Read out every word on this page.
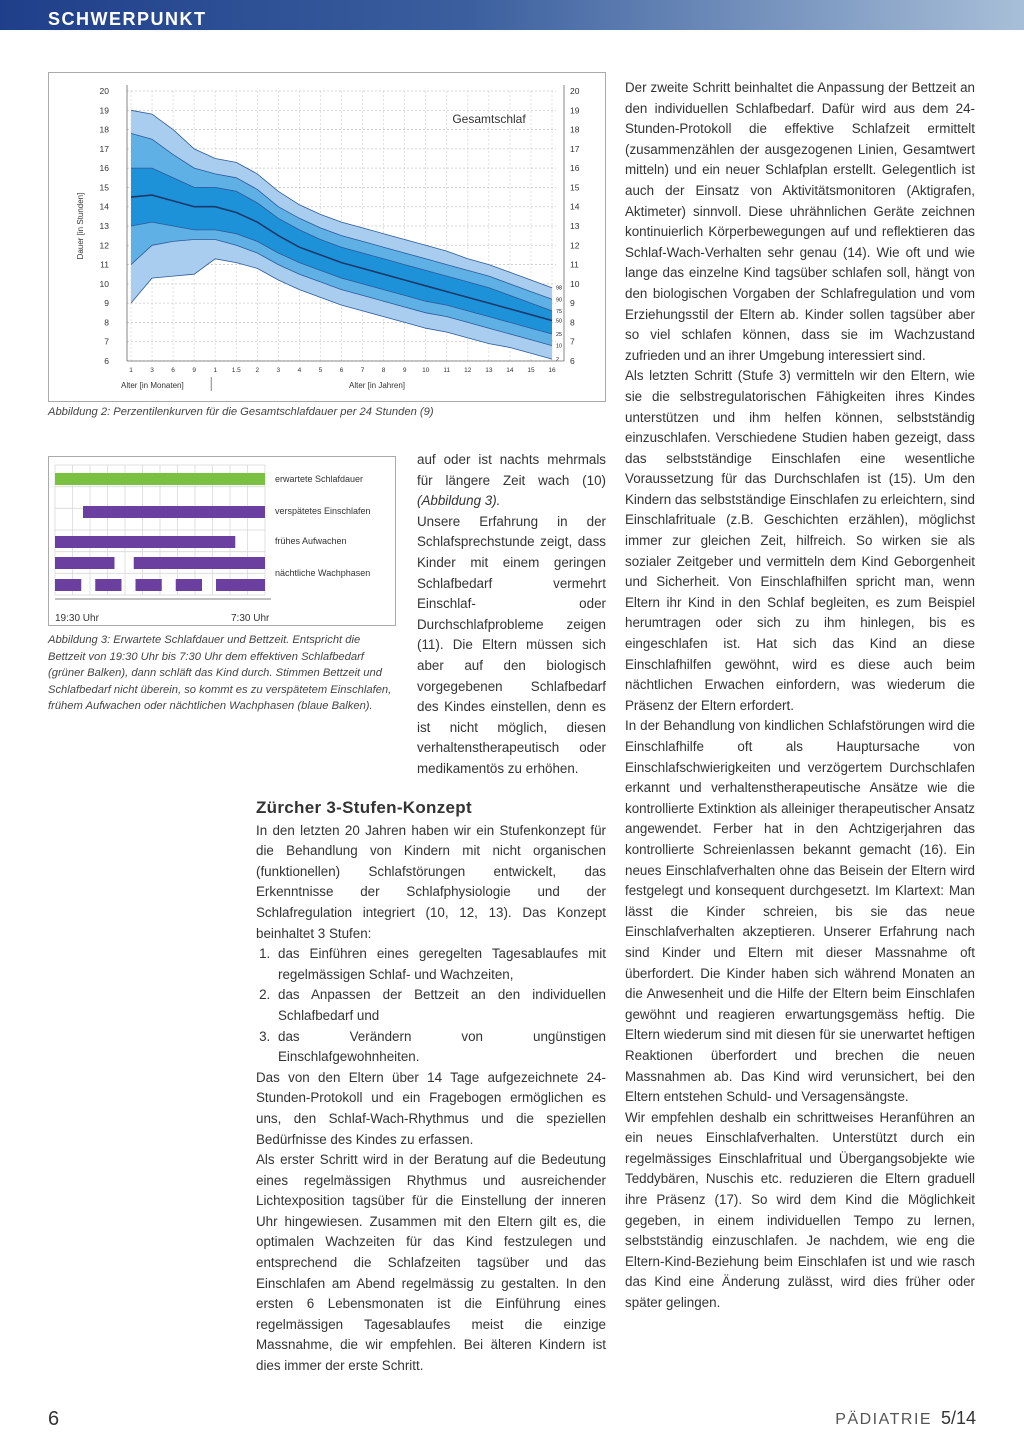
SCHWERPUNKT
6	6
7	7
8	8
9	9
10	10
11	11
12	12
13	13
14	14
15	15
16	16
17	17
18	18
19	19
20	20
1	3	6	9	1 1.5 2	3	4	5	6	7	8	9 10 11 12 13 14 15 16
98
90
75
50
25
10
2
Gesamtschlaf
Dauer [in Stunden]
Alter [in Monaten]	Alter [in Jahren]
Abbildung 2: Perzentilenkurven für die Gesamtschlafdauer per 24 Stunden (9)
erwartete Schlafdauer
verspätetes Einschlafen
frühes Aufwachen
nächtliche Wachphasen
19:30 Uhr	7:30 Uhr
Abbildung 3: Erwartete Schlafdauer und Bettzeit. Entspricht die Bettzeit von 19:30 Uhr bis 7:30 Uhr dem effektiven Schlafbedarf (grüner Balken), dann schläft das Kind durch. Stimmen Bettzeit und Schlafbedarf nicht überein, so kommt es zu verspätetem Einschlafen, frühem Aufwachen oder nächtlichen Wachphasen (blaue Balken).

auf oder ist nachts mehrmals für längere Zeit wach (10) (Abbildung 3).

Unsere Erfahrung in der Schlafsprechstunde zeigt, dass Kinder mit einem geringen Schlafbedarf vermehrt Einschlaf- oder Durchschlafprobleme zeigen (11). Die Eltern müssen sich aber auf den biologisch vorgegebenen Schlafbedarf des Kindes einstellen, denn es ist nicht möglich, diesen verhaltenstherapeutisch oder medikamentös zu erhöhen.

Zürcher 3-Stufen-Konzept

In den letzten 20 Jahren haben wir ein Stufenkonzept für die Behandlung von Kindern mit nicht organischen (funktionellen) Schlafstörungen entwickelt, das Erkenntnisse der Schlafphysiologie und der Schlafregulation integriert (10, 12, 13). Das Konzept beinhaltet 3 Stufen:

1. das Einführen eines geregelten Tagesablaufes mit regelmässigen Schlaf- und Wachzeiten,
2. das Anpassen der Bettzeit an den individuellen Schlafbedarf und
3. das Verändern von ungünstigen Einschlafgewohnheiten.

Das von den Eltern über 14 Tage aufgezeichnete 24-Stunden-Protokoll und ein Fragebogen ermöglichen es uns, den Schlaf-Wach-Rhythmus und die speziellen Bedürfnisse des Kindes zu erfassen.

Als erster Schritt wird in der Beratung auf die Bedeutung eines regelmässigen Rhythmus und ausreichender Lichtexposition tagsüber für die Einstellung der inneren Uhr hingewiesen. Zusammen mit den Eltern gilt es, die optimalen Wachzeiten für das Kind festzulegen und entsprechend die Schlafzeiten tagsüber und das Einschlafen am Abend regelmässig zu gestalten. In den ersten 6 Lebensmonaten ist die Einführung eines regelmässigen Tagesablaufes meist die einzige Massnahme, die wir empfehlen. Bei älteren Kindern ist dies immer der erste Schritt.

Der zweite Schritt beinhaltet die Anpassung der Bettzeit an den individuellen Schlafbedarf. Dafür wird aus dem 24-Stunden-Protokoll die effektive Schlafzeit ermittelt (zusammenzählen der ausgezogenen Linien, Gesamtwert mitteln) und ein neuer Schlafplan erstellt. Gelegentlich ist auch der Einsatz von Aktivitätsmonitoren (Aktigrafen, Aktimeter) sinnvoll. Diese uhrähnlichen Geräte zeichnen kontinuierlich Körperbewegungen auf und reflektieren das Schlaf-Wach-Verhalten sehr genau (14). Wie oft und wie lange das einzelne Kind tagsüber schlafen soll, hängt von den biologischen Vorgaben der Schlafregulation und vom Erziehungsstil der Eltern ab. Kinder sollen tagsüber aber so viel schlafen können, dass sie im Wachzustand zufrieden und an ihrer Umgebung interessiert sind.

Als letzten Schritt (Stufe 3) vermitteln wir den Eltern, wie sie die selbstregulatorischen Fähigkeiten ihres Kindes unterstützen und ihm helfen können, selbstständig einzuschlafen. Verschiedene Studien haben gezeigt, dass das selbstständige Einschlafen eine wesentliche Voraussetzung für das Durchschlafen ist (15). Um den Kindern das selbstständige Einschlafen zu erleichtern, sind Einschlafrituale (z.B. Geschichten erzählen), möglichst immer zur gleichen Zeit, hilfreich. So wirken sie als sozialer Zeitgeber und vermitteln dem Kind Geborgenheit und Sicherheit. Von Einschlafhilfen spricht man, wenn Eltern ihr Kind in den Schlaf begleiten, es zum Beispiel herumtragen oder sich zu ihm hinlegen, bis es eingeschlafen ist. Hat sich das Kind an diese Einschlafhilfen gewöhnt, wird es diese auch beim nächtlichen Erwachen einfordern, was wiederum die Präsenz der Eltern erfordert.

In der Behandlung von kindlichen Schlafstörungen wird die Einschlafhilfe oft als Hauptursache von Einschlafschwierigkeiten und verzögertem Durchschlafen erkannt und verhaltenstherapeutische Ansätze wie die kontrollierte Extinktion als alleiniger therapeutischer Ansatz angewendet. Ferber hat in den Achtzigerjahren das kontrollierte Schreienlassen bekannt gemacht (16). Ein neues Einschlafverhalten ohne das Beisein der Eltern wird festgelegt und konsequent durchgesetzt. Im Klartext: Man lässt die Kinder schreien, bis sie das neue Einschlafverhalten akzeptieren. Unserer Erfahrung nach sind Kinder und Eltern mit dieser Massnahme oft überfordert. Die Kinder haben sich während Monaten an die Anwesenheit und die Hilfe der Eltern beim Einschlafen gewöhnt und reagieren erwartungsgemäss heftig. Die Eltern wiederum sind mit diesen für sie unerwartet heftigen Reaktionen überfordert und brechen die neuen Massnahmen ab. Das Kind wird verunsichert, bei den Eltern entstehen Schuld- und Versagensängste.

Wir empfehlen deshalb ein schrittweises Heranführen an ein neues Einschlafverhalten. Unterstützt durch ein regelmässiges Einschlafritual und Übergangsobjekte wie Teddybären, Nuschis etc. reduzieren die Eltern graduell ihre Präsenz (17). So wird dem Kind die Möglichkeit gegeben, in einem individuellen Tempo zu lernen, selbstständig einzuschlafen. Je nachdem, wie eng die Eltern-Kind-Beziehung beim Einschlafen ist und wie rasch das Kind eine Änderung zulässt, wird dies früher oder später gelingen.

6	PÄDIATRIE 5/14
